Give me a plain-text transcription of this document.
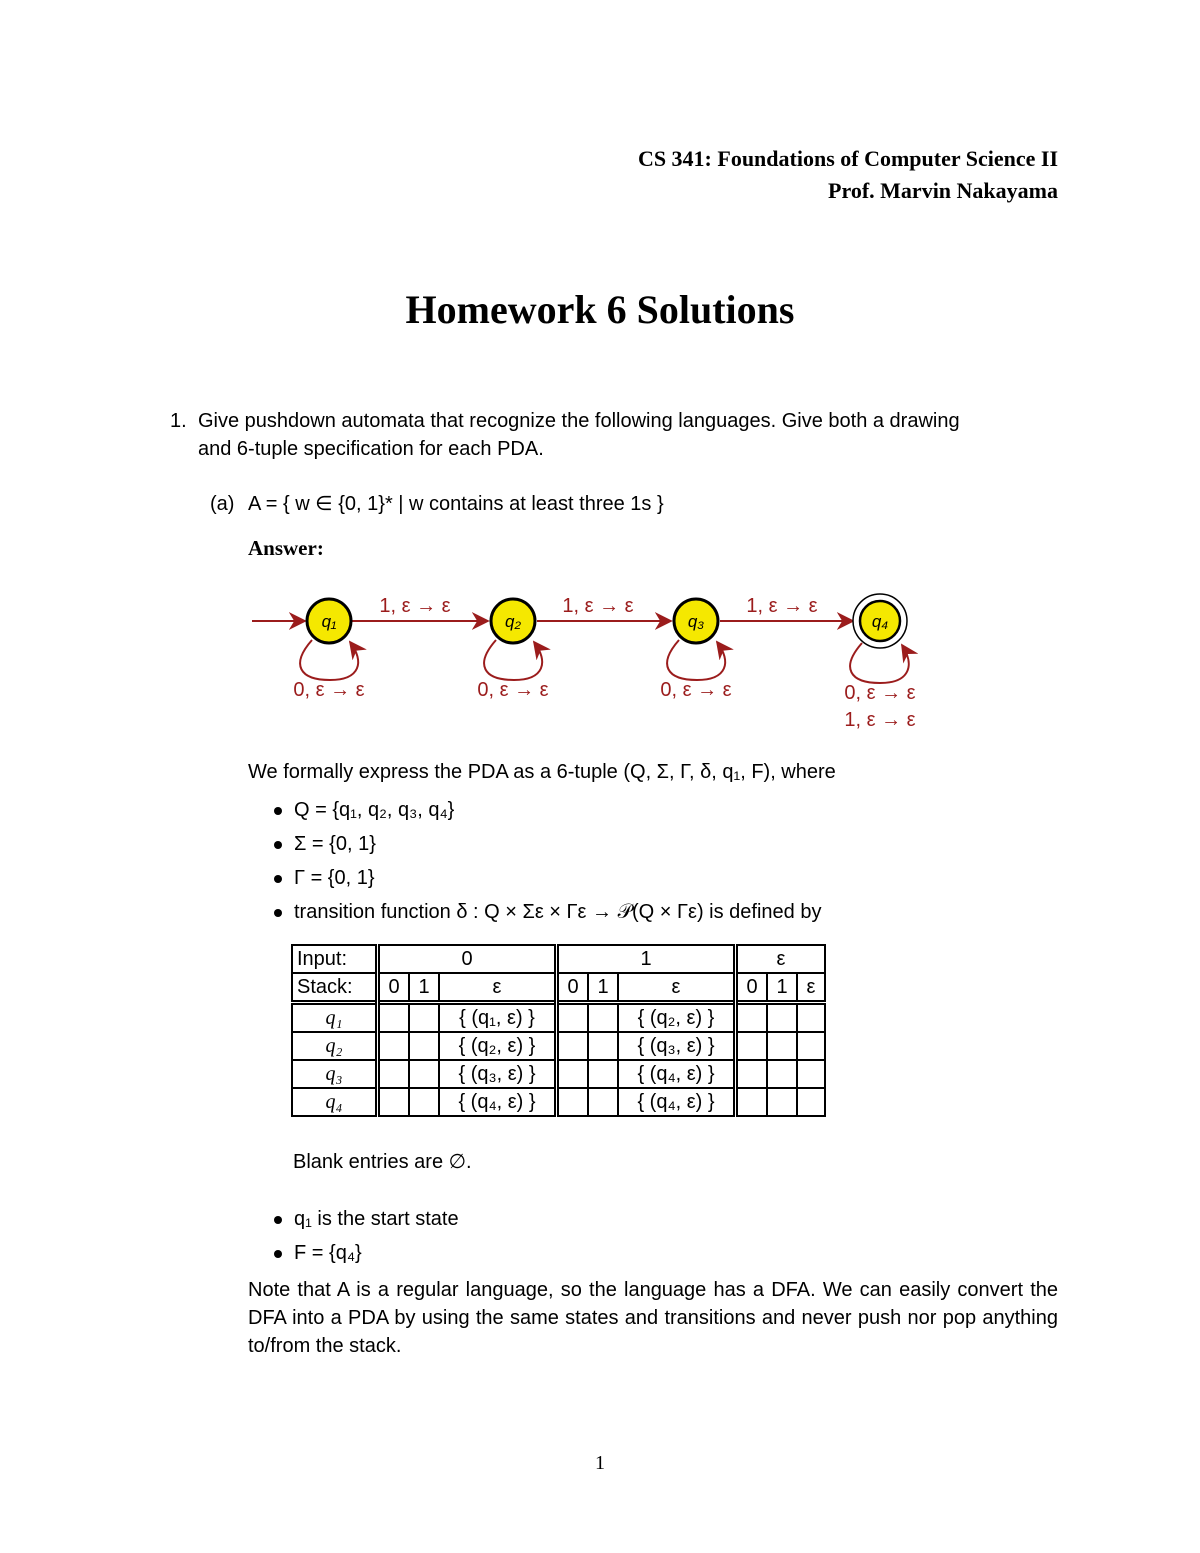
CS 341: Foundations of Computer Science II
Prof. Marvin Nakayama
Homework 6 Solutions
1. Give pushdown automata that recognize the following languages. Give both a drawing
and 6-tuple specification for each PDA.
(a) A = { w ∈ {0, 1}* | w contains at least three 1s }
Answer:
q₁	q₂	q₃	q₄
1, ε → ε	1, ε → ε	1, ε → ε
0, ε → ε	0, ε → ε	0, ε → ε	0, ε → ε
1, ε → ε
We formally express the PDA as a 6-tuple (Q, Σ, Γ, δ, q₁, F), where
Q = {q₁, q₂, q₃, q₄}
Σ = {0, 1}
Γ = {0, 1}
transition function δ : Q × Σε × Γε → 𝒫(Q × Γε) is defined by
Input:	0			1			ε		
Stack:	0	1	ε	0	1	ε	0	1	ε
q₁			{ (q₁, ε) }			{ (q₂, ε) }			
q₂			{ (q₂, ε) }			{ (q₃, ε) }			
q₃			{ (q₃, ε) }			{ (q₄, ε) }			
q₄			{ (q₄, ε) }			{ (q₄, ε) }			
Blank entries are ∅.
q₁ is the start state
F = {q₄}
Note that A is a regular language, so the language has a DFA. We can easily convert the DFA into a PDA by using the same states and transitions and never push nor pop anything to/from the stack.
1
